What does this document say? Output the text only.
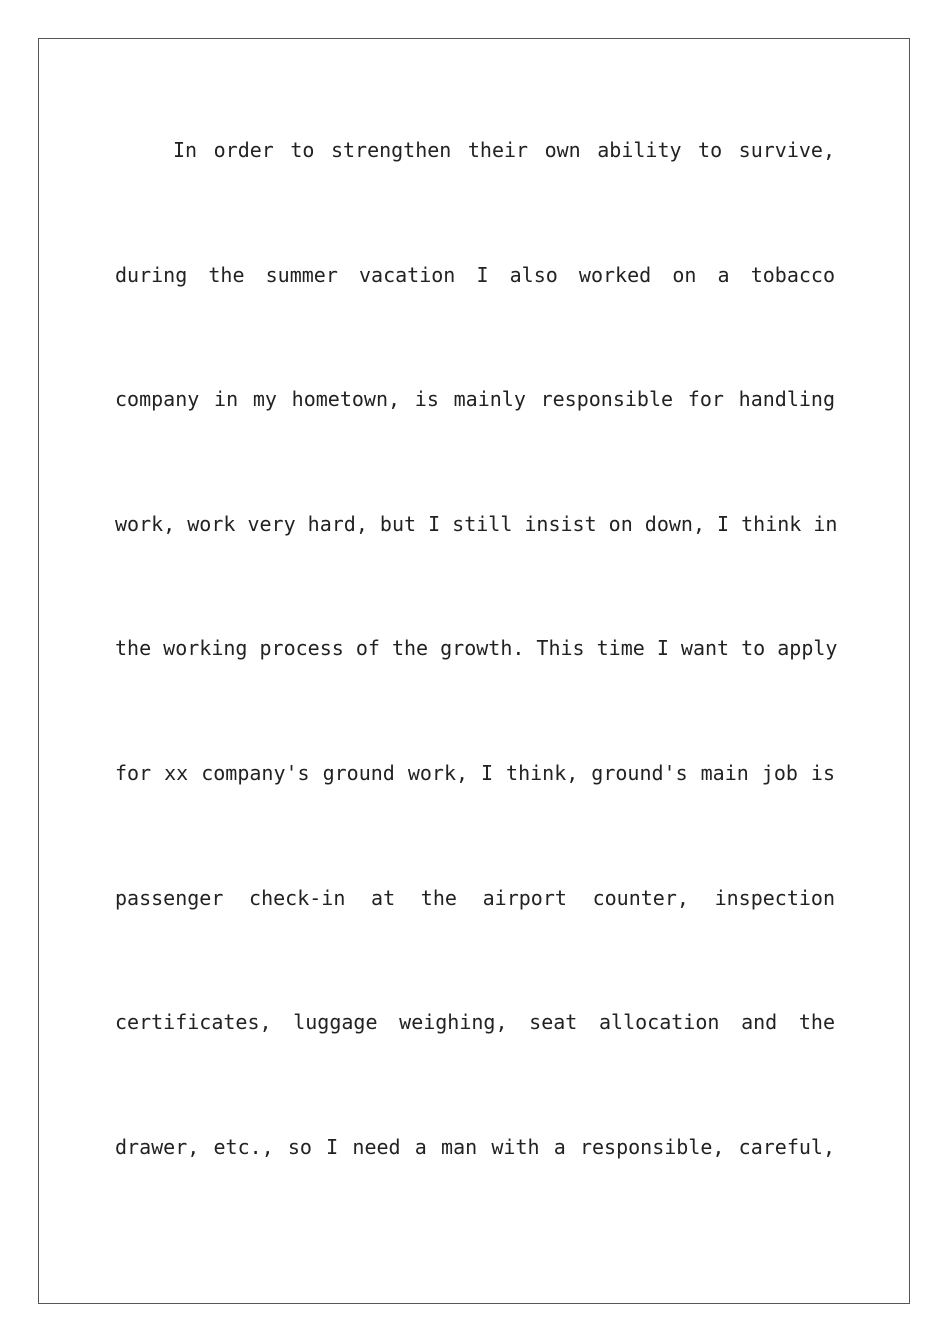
In order to strengthen their own ability to survive,
during the summer vacation I also worked on a tobacco
company in my hometown, is mainly responsible for handling
work, work very hard, but I still insist on down, I think in
the working process of the growth. This time I want to apply
for xx company's ground work, I think, ground's main job is
passenger check-in at the airport counter, inspection
certificates, luggage weighing, seat allocation and the
drawer, etc., so I need a man with a responsible, careful,
